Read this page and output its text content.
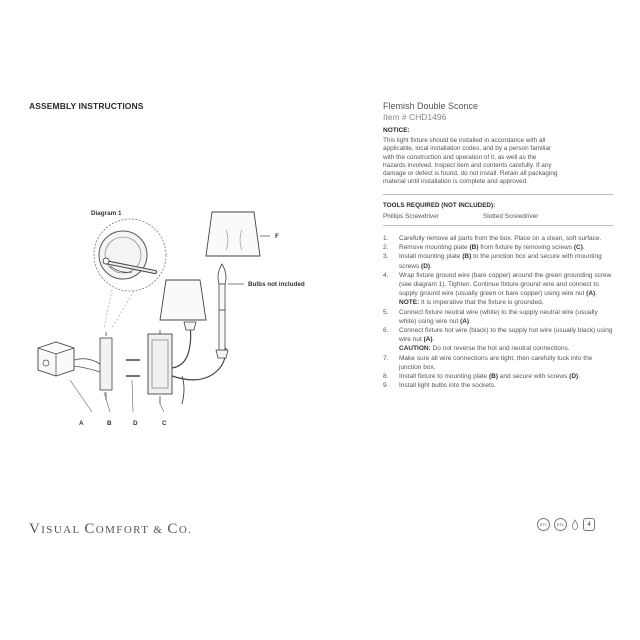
ASSEMBLY INSTRUCTIONS
Diagram 1
F
Bulbs not included
A	B	D	C
Flemish Double Sconce
Item # CHD1496
NOTICE:
This light fixture should be installed in accordance with all
applicable, local installation codes, and by a person familiar
with the construction and operation of it, as well as the
hazards involved. Inspect item and contents carefully. If any
damage or defect is found, do not install. Retain all packaging
material until installation is complete and approved.
TOOLS REQUIRED (NOT INCLUDED):
Phillips Screwdriver	Slotted Screwdriver
1.	Carefully remove all parts from the box. Place on a clean, soft surface.
2.	Remove mounting plate (B) from fixture by removing screws (C).
3.	Install mounting plate (B) to the junction box and secure with mounting screws (D).
4.	Wrap fixture ground wire (bare copper) around the green grounding screw (see diagram 1). Tighten. Continue fixture ground wire and connect to supply ground wire (usually green or bare copper) using wire nut (A).
NOTE: It is imperative that the fixture is grounded.
5.	Connect fixture neutral wire (white) to the supply neutral wire (usually white) using wire nut (A).
6.	Connect fixture hot wire (black) to the supply hot wire (usually black) using wire nut (A).
CAUTION: Do not reverse the hot and neutral connections.
7.	Make sure all wire connections are tight, then carefully tuck into the junction box.
8.	Install fixture to mounting plate (B) and secure with screws (D).
9.	Install light bulbs into the sockets.
VISUAL COMFORT & CO.	ETL	ETL	4
